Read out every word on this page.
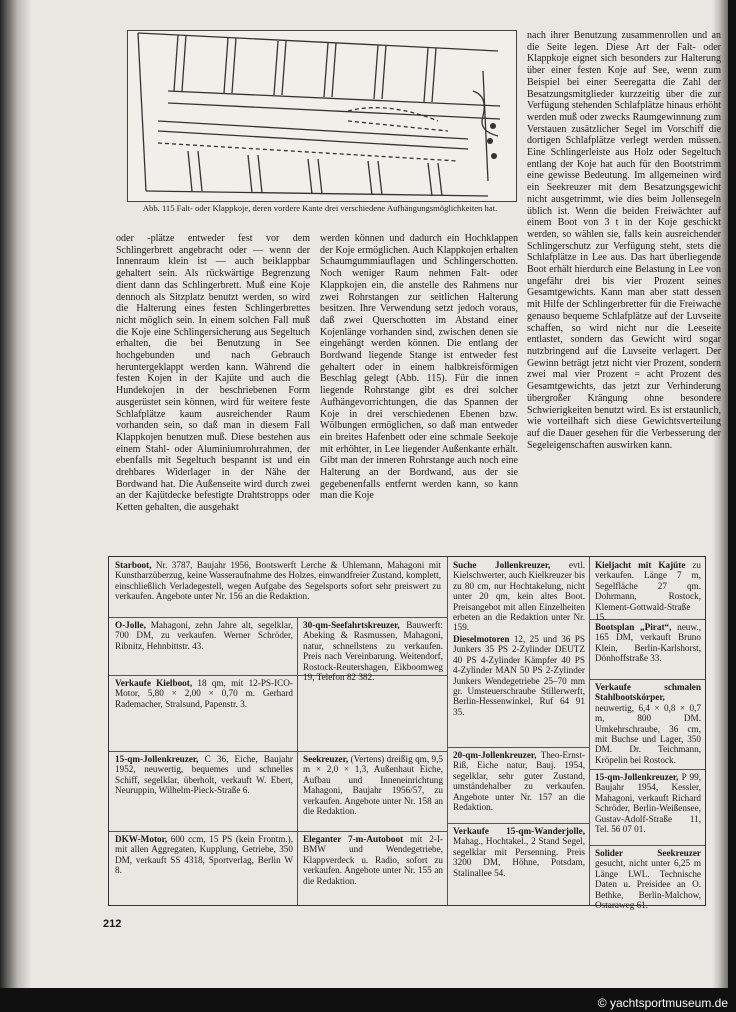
Abb. 115 Falt- oder Klappkoje, deren vordere Kante drei verschiedene Aufhängungsmöglichkeiten hat.

oder -plätze entweder fest vor dem Schlingerbrett angebracht oder — wenn der Innenraum klein ist — auch beiklappbar gehaltert sein. Als rückwärtige Begrenzung dient dann das Schlingerbrett. Muß eine Koje dennoch als Sitzplatz benutzt werden, so wird die Halterung eines festen Schlingerbrettes nicht möglich sein. In einem solchen Fall muß die Koje eine Schlingersicherung aus Segeltuch erhalten, die bei Benutzung in See hochgebunden und nach Gebrauch heruntergeklappt werden kann. Während die festen Kojen in der Kajüte und auch die Hundekojen in der beschriebenen Form ausgerüstet sein können, wird für weitere feste Schlafplätze kaum ausreichender Raum vorhanden sein, so daß man in diesem Fall Klappkojen benutzen muß. Diese bestehen aus einem Stahl- oder Aluminiumrohrrahmen, der ebenfalls mit Segeltuch bespannt ist und ein drehbares Widerlager in der Nähe der Bordwand hat. Die Außenseite wird durch zwei an der Kajütdecke befestigte Drahtstropps oder Ketten gehalten, die ausgehakt

werden können und dadurch ein Hochklappen der Koje ermöglichen. Auch Klappkojen erhalten Schaumgummiauflagen und Schlingerschotten. Noch weniger Raum nehmen Falt- oder Klappkojen ein, die anstelle des Rahmens nur zwei Rohrstangen zur seitlichen Halterung besitzen. Ihre Verwendung setzt jedoch voraus, daß zwei Querschotten im Abstand einer Kojenlänge vorhanden sind, zwischen denen sie eingehängt werden können. Die entlang der Bordwand liegende Stange ist entweder fest gehaltert oder in einem halbkreisförmigen Beschlag gelegt (Abb. 115). Für die innen liegende Rohrstange gibt es drei solcher Aufhängevorrichtungen, die das Spannen der Koje in drei verschiedenen Ebenen bzw. Wölbungen ermöglichen, so daß man entweder ein breites Hafenbett oder eine schmale Seekoje mit erhöhter, in Lee liegender Außenkante erhält. Gibt man der inneren Rohrstange auch noch eine Halterung an der Bordwand, aus der sie gegebenenfalls entfernt werden kann, so kann man die Koje

nach ihrer Benutzung zusammenrollen und an die Seite legen. Diese Art der Falt- oder Klappkoje eignet sich besonders zur Halterung über einer festen Koje auf See, wenn zum Beispiel bei einer Seeregatta die Zahl der Besatzungsmitglieder kurzzeitig über die zur Verfügung stehenden Schlafplätze hinaus erhöht werden muß oder zwecks Raumgewinnung zum Verstauen zusätzlicher Segel im Vorschiff die dortigen Schlafplätze verlegt werden müssen. Eine Schlingerleiste aus Holz oder Segeltuch entlang der Koje hat auch für den Bootstrimm eine gewisse Bedeutung. Im allgemeinen wird ein Seekreuzer mit dem Besatzungsgewicht nicht ausgetrimmt, wie dies beim Jollensegeln üblich ist. Wenn die beiden Freiwächter auf einem Boot von 3 t in der Koje geschickt werden, so wählen sie, falls kein ausreichender Schlingerschutz zur Verfügung steht, stets die Schlafplätze in Lee aus. Das hart überliegende Boot erhält hierdurch eine Belastung in Lee von ungefähr drei bis vier Prozent seines Gesamtgewichts. Kann man aber statt dessen mit Hilfe der Schlingerbretter für die Freiwache genauso bequeme Schlafplätze auf der Luvseite schaffen, so wird nicht nur die Leeseite entlastet, sondern das Gewicht wird sogar nutzbringend auf die Luvseite verlagert. Der Gewinn beträgt jetzt nicht vier Prozent, sondern zwei mal vier Prozent = acht Prozent des Gesamtgewichts, das jetzt zur Verhinderung übergroßer Krängung ohne besondere Schwierigkeiten benutzt wird. Es ist erstaunlich, wie vorteilhaft sich diese Gewichtsverteilung auf die Dauer gesehen für die Verbesserung der Segeleigenschaften auswirken kann.

Starboot, Nr. 3787, Baujahr 1956, Bootswerft Lerche & Uhlemann, Mahagoni mit Kunstharzüberzug, keine Wasseraufnahme des Holzes, einwandfreier Zustand, komplett, einschließlich Verladegestell, wegen Aufgabe des Segelsports sofort sehr preiswert zu verkaufen. Angebote unter Nr. 156 an die Redaktion.
Suche Jollenkreuzer, evtl. Kielschwerter, auch Kielkreuzer bis zu 80 cm, nur Hochtakelung, nicht unter 20 qm, kein altes Boot. Preisangebot mit allen Einzelheiten erbeten an die Redaktion unter Nr. 159.
Kieljacht mit Kajüte zu verkaufen. Länge 7 m, Segelfläche 27 qm. Dohrmann, Rostock, Klement-Gottwald-Straße 15.
O-Jolle, Mahagoni, zehn Jahre alt, segelklar, 700 DM, zu verkaufen. Werner Schröder, Ribnitz, Hehnbittstr. 43.
30-qm-Seefahrtskreuzer, Bauwerft: Abeking & Rasmussen, Mahagoni, natur, schnellstens zu verkaufen. Preis nach Vereinbarung. Weitendorf, Rostock-Reutershagen, Eikboomweg 19, Telefon 82 382.
Dieselmotoren 12, 25 und 36 PS Junkers 35 PS 2-Zylinder DEUTZ 40 PS 4-Zylinder Kämpfer 40 PS 4-Zylinder MAN 50 PS 2-Zylinder Junkers Wendegetriebe 25–70 mm gr. Umsteuerschraube Stillerwerft, Berlin-Hessenwinkel, Ruf 64 91 35.
Bootsplan „Pirat“, neuw., 165 DM, verkauft Bruno Klein, Berlin-Karlshorst, Dönhoffstraße 33.
Verkaufe Kielboot, 18 qm, mit 12-PS-ICO-Motor, 5,80 × 2,00 × 0,70 m. Gerhard Rademacher, Stralsund, Papenstr. 3.
Verkaufe schmalen Stahlbootskörper, neuwertig, 6,4 × 0,8 × 0,7 m, 800 DM. Umkehrschraube, 36 cm, mit Buchse und Lager, 350 DM. Dr. Teichmann, Kröpelin bei Rostock.
15-qm-Jollenkreuzer, C 36, Eiche, Baujahr 1952, neuwertig, bequemes und schnelles Schiff, segelklar, überholt, verkauft W. Ebert, Neuruppin, Wilhelm-Pieck-Straße 6.
Seekreuzer, (Vertens) dreißig qm, 9,5 m × 2,0 × 1,3, Außenhaut Eiche, Aufbau und Inneneinrichtung Mahagoni, Baujahr 1956/57, zu verkaufen. Angebote unter Nr. 158 an die Redaktion.
20-qm-Jollenkreuzer, Theo-Ernst-Riß, Eiche natur, Bauj. 1954, segelklar, sehr guter Zustand, umständehalber zu verkaufen. Angebote unter Nr. 157 an die Redaktion.
15-qm-Jollenkreuzer, P 99, Baujahr 1954, Kessler, Mahagoni, verkauft Richard Schröder, Berlin-Weißensee, Gustav-Adolf-Straße 11, Tel. 56 07 01.
DKW-Motor, 600 ccm, 15 PS (kein Frontm.), mit allen Aggregaten, Kupplung, Getriebe, 350 DM, verkauft SS 4318, Sportverlag, Berlin W 8.
Eleganter 7-m-Autoboot mit 2-I-BMW und Wendegetriebe, Klappverdeck u. Radio, sofort zu verkaufen. Angebote unter Nr. 155 an die Redaktion.
Verkaufe 15-qm-Wanderjolle, Mahag., Hochtakel., 2 Stand Segel, segelklar mit Persenning. Preis 3200 DM, Höhne, Potsdam, Stalinallee 54.
Solider Seekreuzer gesucht, nicht unter 6,25 m Länge LWL. Technische Daten u. Preisidee an O. Bethke, Berlin-Malchow, Ostaraweg 61.
212
© yachtsportmuseum.de
